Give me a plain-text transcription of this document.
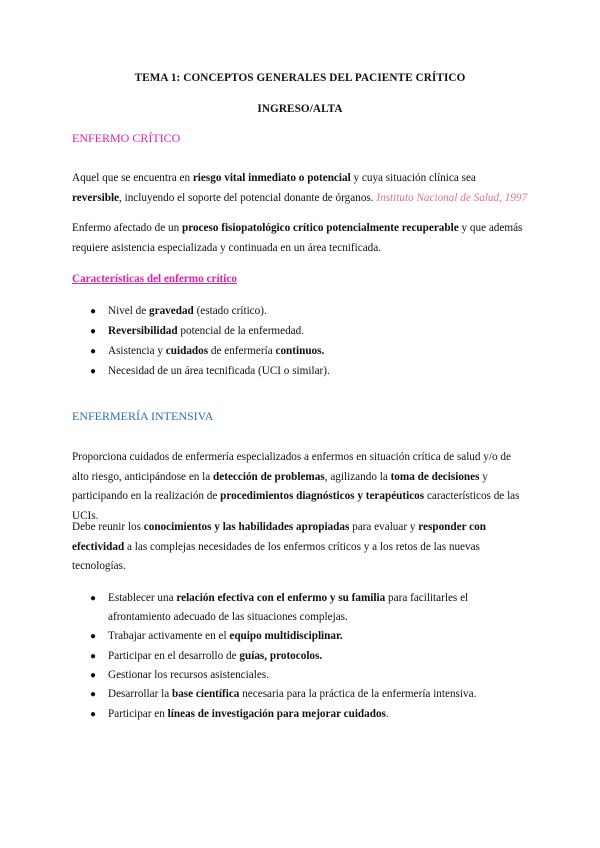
TEMA 1: CONCEPTOS GENERALES DEL PACIENTE CRÍTICO
INGRESO/ALTA
ENFERMO CRÍTICO

Aquel que se encuentra en riesgo vital inmediato o potencial y cuya situación clínica sea reversible, incluyendo el soporte del potencial donante de órganos. Instituto Nacional de Salud, 1997

Enfermo afectado de un proceso fisiopatológico crítico potencialmente recuperable y que además requiere asistencia especializada y continuada en un área tecnificada.

Características del enfermo crítico
● Nivel de gravedad (estado crítico).
● Reversibilidad potencial de la enfermedad.
● Asistencia y cuidados de enfermería continuos.
● Necesidad de un área tecnificada (UCI o similar).
ENFERMERÍA INTENSIVA

Proporciona cuidados de enfermería especializados a enfermos en situación crítica de salud y/o de alto riesgo, anticipándose en la detección de problemas, agilizando la toma de decisiones y participando en la realización de procedimientos diagnósticos y terapéuticos característicos de las UCIs.

Debe reunir los conocimientos y las habilidades apropiadas para evaluar y responder con efectividad a las complejas necesidades de los enfermos críticos y a los retos de las nuevas tecnologías.

● Establecer una relación efectiva con el enfermo y su familia para facilitarles el afrontamiento adecuado de las situaciones complejas.
● Trabajar activamente en el equipo multidisciplinar.
● Participar en el desarrollo de guías, protocolos.
● Gestionar los recursos asistenciales.
● Desarrollar la base científica necesaria para la práctica de la enfermería intensiva.
● Participar en líneas de investigación para mejorar cuidados.
